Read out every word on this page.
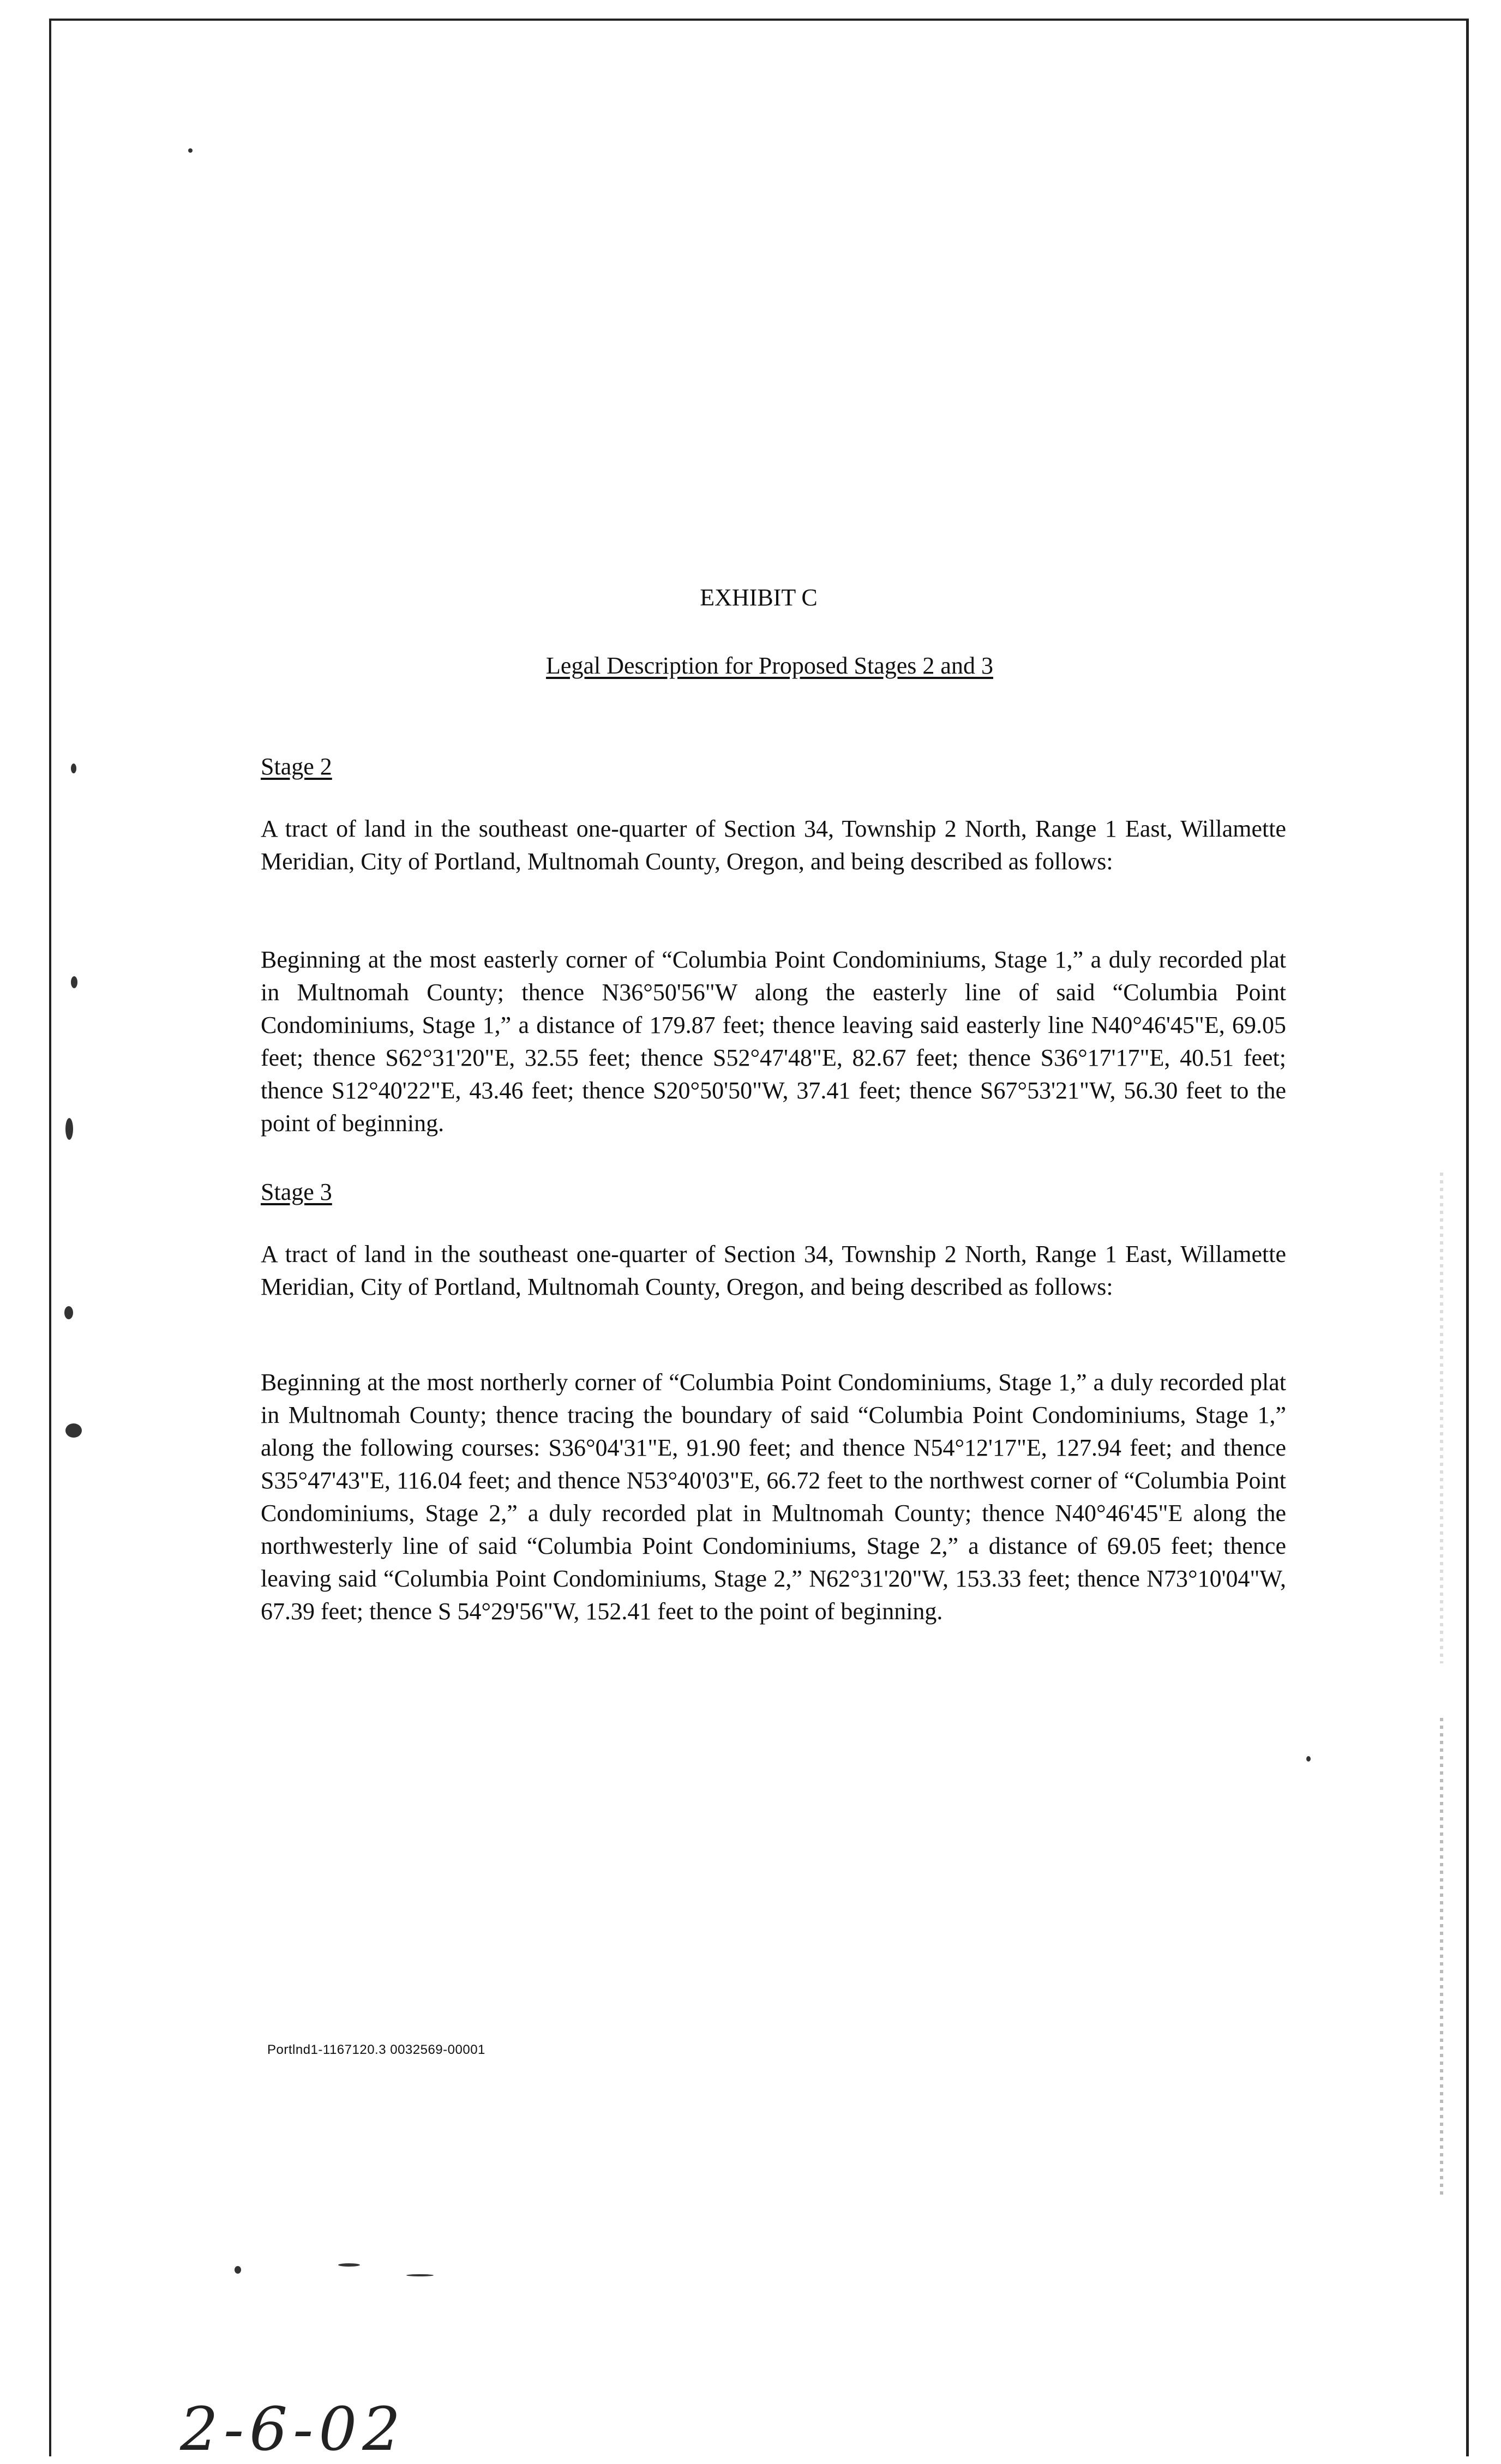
EXHIBIT C
Legal Description for Proposed Stages 2 and 3
Stage 2
A tract of land in the southeast one-quarter of Section 34, Township 2 North, Range 1 East, Willamette Meridian, City of Portland, Multnomah County, Oregon, and being described as follows:
Beginning at the most easterly corner of “Columbia Point Condominiums, Stage 1,” a duly recorded plat in Multnomah County; thence N36°50'56"W along the easterly line of said “Columbia Point Condominiums, Stage 1,” a distance of 179.87 feet; thence leaving said easterly line N40°46'45"E, 69.05 feet; thence S62°31'20"E, 32.55 feet; thence S52°47'48"E, 82.67 feet; thence S36°17'17"E, 40.51 feet; thence S12°40'22"E, 43.46 feet; thence S20°50'50"W, 37.41 feet; thence S67°53'21"W, 56.30 feet to the point of beginning.
Stage 3
A tract of land in the southeast one-quarter of Section 34, Township 2 North, Range 1 East, Willamette Meridian, City of Portland, Multnomah County, Oregon, and being described as follows:
Beginning at the most northerly corner of “Columbia Point Condominiums, Stage 1,” a duly recorded plat in Multnomah County; thence tracing the boundary of said “Columbia Point Condominiums, Stage 1,” along the following courses: S36°04'31"E, 91.90 feet; and thence N54°12'17"E, 127.94 feet; and thence S35°47'43"E, 116.04 feet; and thence N53°40'03"E, 66.72 feet to the northwest corner of “Columbia Point Condominiums, Stage 2,” a duly recorded plat in Multnomah County; thence N40°46'45"E along the northwesterly line of said “Columbia Point Condominiums, Stage 2,” a distance of 69.05 feet; thence leaving said “Columbia Point Condominiums, Stage 2,” N62°31'20"W, 153.33 feet; thence N73°10'04"W, 67.39 feet; thence S 54°29'56"W, 152.41 feet to the point of beginning.
Portlnd1-1167120.3 0032569-00001
2-6-02
